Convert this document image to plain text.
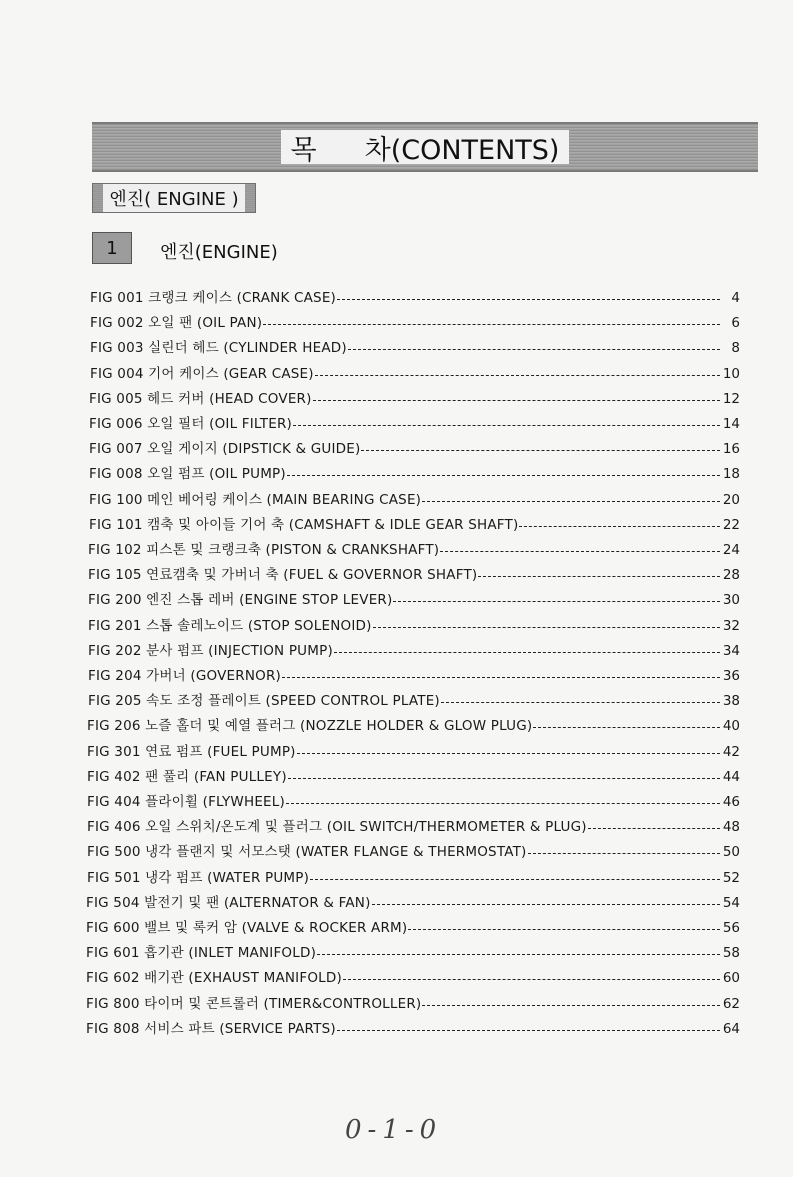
목 차(CONTENTS)
엔진( ENGINE )
1	엔진(ENGINE)
FIG 001 크랭크 케이스 (CRANK CASE)	4
FIG 002 오일 팬 (OIL PAN)	6
FIG 003 실린더 헤드 (CYLINDER HEAD)	8
FIG 004 기어 케이스 (GEAR CASE)	10
FIG 005 헤드 커버 (HEAD COVER)	12
FIG 006 오일 필터 (OIL FILTER)	14
FIG 007 오일 게이지 (DIPSTICK & GUIDE)	16
FIG 008 오일 펌프 (OIL PUMP)	18
FIG 100 메인 베어링 케이스 (MAIN BEARING CASE)	20
FIG 101 캠축 및 아이들 기어 축 (CAMSHAFT & IDLE GEAR SHAFT)	22
FIG 102 피스톤 및 크랭크축 (PISTON & CRANKSHAFT)	24
FIG 105 연료캠축 및 가버너 축 (FUEL & GOVERNOR SHAFT)	28
FIG 200 엔진 스톱 레버 (ENGINE STOP LEVER)	30
FIG 201 스톱 솔레노이드 (STOP SOLENOID)	32
FIG 202 분사 펌프 (INJECTION PUMP)	34
FIG 204 가버너 (GOVERNOR)	36
FIG 205 속도 조정 플레이트 (SPEED CONTROL PLATE)	38
FIG 206 노즐 홀더 및 예열 플러그 (NOZZLE HOLDER & GLOW PLUG)	40
FIG 301 연료 펌프 (FUEL PUMP)	42
FIG 402 팬 풀리 (FAN PULLEY)	44
FIG 404 플라이휠 (FLYWHEEL)	46
FIG 406 오일 스위치/온도계 및 플러그 (OIL SWITCH/THERMOMETER & PLUG)	48
FIG 500 냉각 플랜지 및 서모스탯 (WATER FLANGE & THERMOSTAT)	50
FIG 501 냉각 펌프 (WATER PUMP)	52
FIG 504 발전기 및 팬 (ALTERNATOR & FAN)	54
FIG 600 밸브 및 록커 암 (VALVE & ROCKER ARM)	56
FIG 601 흡기관 (INLET MANIFOLD)	58
FIG 602 배기관 (EXHAUST MANIFOLD)	60
FIG 800 타이머 및 콘트롤러 (TIMER&CONTROLLER)	62
FIG 808 서비스 파트 (SERVICE PARTS)	64
0-1-0
